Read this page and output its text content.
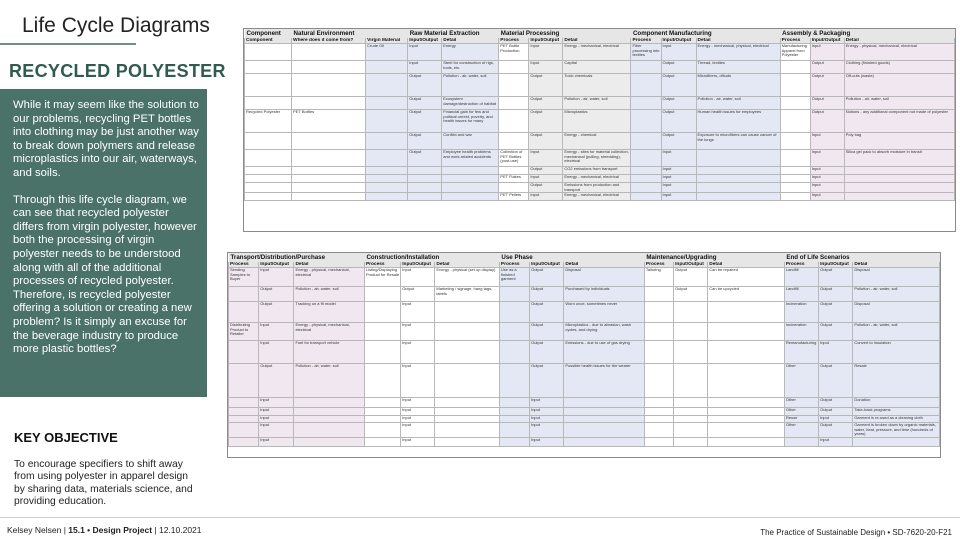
Life Cycle Diagrams
RECYCLED POLYESTER

While it may seem like the solution to our problems, recycling PET bottles into clothing may be just another way to break down polymers and release microplastics into our air, waterways, and soils.

Through this life cycle diagram, we can see that recycled polyester differs from virgin polyester, however both the processing of virgin polyester needs to be understood along with all of the additional processes of recycled polyester. Therefore, is recycled polyester offering a solution or creating a new problem? Is it simply an excuse for the beverage industry to produce more plastic bottles?

KEY OBJECTIVE
To encourage specifiers to shift away from using polyester in apparel design by sharing data, materials science, and providing education.
Component	Natural Environment		Raw Material Extraction		Material Processing			Component Manufacturing			Assembly & Packaging		
Component	Where does it come from?	Virgin Material	Input/Output	Detail	Process	Input/Output	Detail	Process	Input/Output	Detail	Process	Input/Output	Detail
		Crude Oil	Input	Energy	PET Bottle Production	Input	Energy - mechanical, electrical	Fiber processing into textiles	Input	Energy - mechanical, physical, electrical	Manufacturing Apparel from Polyester	Input	Energy - physical, mechanical, electrical
			Input	Steel for construction of rigs, tools, etc.		Input	Capital		Output	Thread, textiles		Output	Clothing (finished goods)
			Output	Pollution - air, water, soil		Output	Toxic chemicals		Output	Microfibers, offcuts		Output	Off-cuts (waste)
			Output	Ecosystem damage/destruction of habitat		Output	Pollution - air, water, soil		Output	Pollution - air, water, soil		Output	Pollution - air, water, soil
Recycled Polyester	PET Bottles		Output	Financial gain for few and political unrest, poverty, and health issues for many		Output	Microplastics		Output	Human health issues for employees		Output	Notions - any additional component not made of polyester
			Output	Conflict and war		Output	Energy - chemical		Output	Exposure to microfibers can cause cancer of the lungs		Input	Poly bag
			Output	Employee health problems and work-related accidents	Collection of PET Bottles (post-use)	Input	Energy - sites for material collection, mechanical (pulling, shredding), electrical		Input			Input	Silica gel pack to absorb moisture in transit
						Output	CO2 emissions from transport		Input			Input	
					PET Flakes	Input	Energy - mechanical, electrical		Input			Input	
						Output	Emissions from production and transport		Input			Input	
					PET Pellets	Input	Energy - mechanical, electrical		Input			Input	
Transport/Distribution/Purchase			Construction/Installation			Use Phase			Maintenance/Upgrading			End of Life Scenarios		
Process	Input/Output	Detail	Process	Input/Output	Detail	Process	Input/Output	Detail	Process	Input/Output	Detail	Process	Input/Output	Detail
Sending Samples to Buyer	Input	Energy - physical, mechanical, electrical	Listing/Displaying Product for Resale	Input	Energy - physical (set up display)	Use as a finished garment	Output	Disposal	Tailoring	Output	Can be repaired	Landfill	Output	Disposal
	Output	Pollution - air, water, soil		Output	Marketing / signage, hang tags, labels		Output	Purchased by individuals		Output	Can be upcycled	Landfill	Output	Pollution - air, water, soil
	Output	Tracking on a fit model		Input			Output	Worn once, sometimes never				Incineration	Output	Disposal
Distributing Product to Retailer	Input	Energy - physical, mechanical, electrical		Input			Output	Microplastics - due to abrasion, wash cycles, and drying				Incineration	Output	Pollution - air, water, soil
	Input	Fuel for transport vehicle		Input			Output	Emissions - due to use of gas drying				Remanufacturing	Input	Convert to insulation
	Output	Pollution - air, water, soil		Input			Output	Possible health issues for the wearer				Other	Output	Resale
	Input			Input			Input					Other	Output	Donation
	Input			Input			Input					Other	Output	Take-back programs
	Input			Input			Input					Reuse	Input	Garment is re-used as a cleaning cloth
	Input			Input			Input					Other	Output	Garment is broken down by organic materials, water, heat, pressure, and time (hundreds of years)
	Input			Input			Input						Input	
Kelsey Nelsen | 15.1 • Design Project | 12.10.2021	The Practice of Sustainable Design • SD-7620-20-F21
